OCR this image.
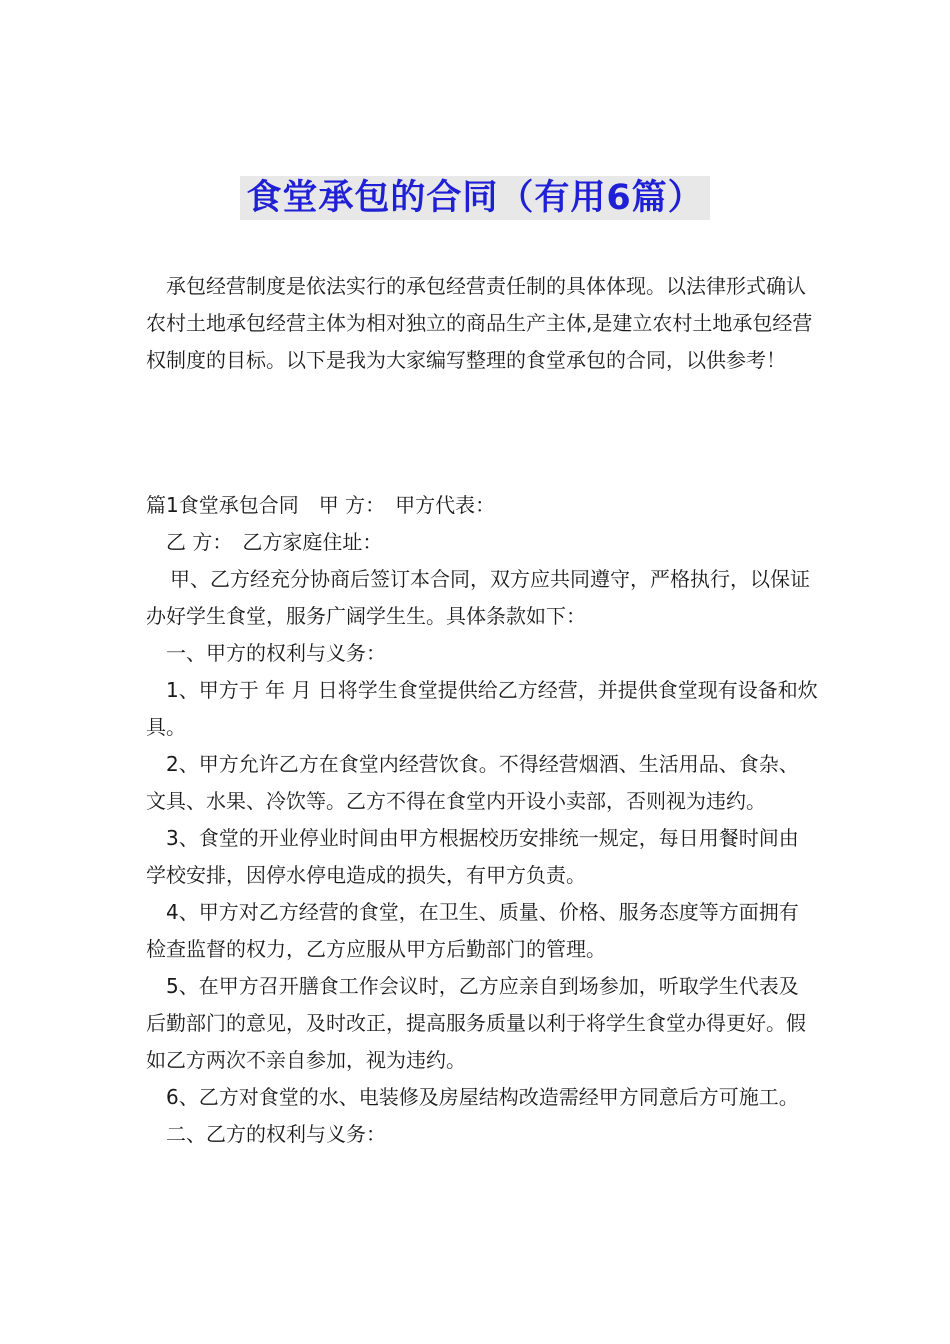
食堂承包的合同（有用6篇）

承包经营制度是依法实行的承包经营责任制的具体体现。以法律形式确认农村土地承包经营主体为相对独立的商品生产主体,是建立农村土地承包经营权制度的目标。以下是我为大家编写整理的食堂承包的合同，以供参考！

篇1食堂承包合同　甲 方：　甲方代表：

乙 方：　乙方家庭住址：

甲、乙方经充分协商后签订本合同，双方应共同遵守，严格执行，以保证办好学生食堂，服务广阔学生生。具体条款如下：

一、甲方的权利与义务：

1、甲方于 年 月 日将学生食堂提供给乙方经营，并提供食堂现有设备和炊具。

2、甲方允许乙方在食堂内经营饮食。不得经营烟酒、生活用品、食杂、文具、水果、冷饮等。乙方不得在食堂内开设小卖部，否则视为违约。

3、食堂的开业停业时间由甲方根据校历安排统一规定，每日用餐时间由学校安排，因停水停电造成的损失，有甲方负责。

4、甲方对乙方经营的食堂，在卫生、质量、价格、服务态度等方面拥有检查监督的权力，乙方应服从甲方后勤部门的管理。

5、在甲方召开膳食工作会议时，乙方应亲自到场参加，听取学生代表及后勤部门的意见，及时改正，提高服务质量以利于将学生食堂办得更好。假如乙方两次不亲自参加，视为违约。

6、乙方对食堂的水、电装修及房屋结构改造需经甲方同意后方可施工。

二、乙方的权利与义务：
